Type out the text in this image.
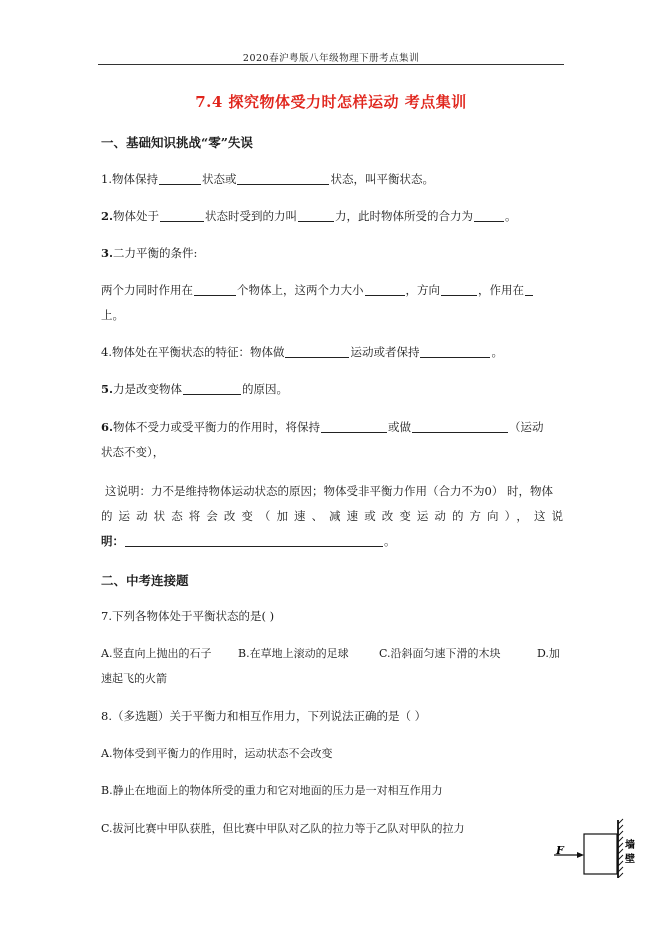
2020春沪粤版八年级物理下册考点集训
7.4 探究物体受力时怎样运动 考点集训
一、基础知识挑战“零”失误
1.物体保持	状态或	状态，叫平衡状态。
2.物体处于	状态时受到的力叫	力，此时物体所受的合力为	。
3.二力平衡的条件:
两个力同时作用在	个物体上，这两个力大小	，方向	，作用在
上。
4.物体处在平衡状态的特征：物体做	运动或者保持	。
5.力是改变物体	的原因。
6.物体不受力或受平衡力的作用时，将保持	或做	（运动
状态不变），
这说明：力不是维持物体运动状态的原因；物体受非平衡力作用（合力不为0） 时，物体
的运动状态将会改变（加速、减速或改变运动的方向），这说
明：	。
二、中考连接题
7.下列各物体处于平衡状态的是( )
A.竖直向上抛出的石子 B.在草地上滚动的足球	C.沿斜面匀速下滑的木块	D.加
速起飞的火箭
8.（多选题）关于平衡力和相互作用力，下列说法正确的是（ ）
A.物体受到平衡力的作用时，运动状态不会改变
B.静止在地面上的物体所受的重力和它对地面的压力是一对相互作用力
C.拔河比赛中甲队获胜，但比赛中甲队对乙队的拉力等于乙队对甲队的拉力
F	墙
壁
